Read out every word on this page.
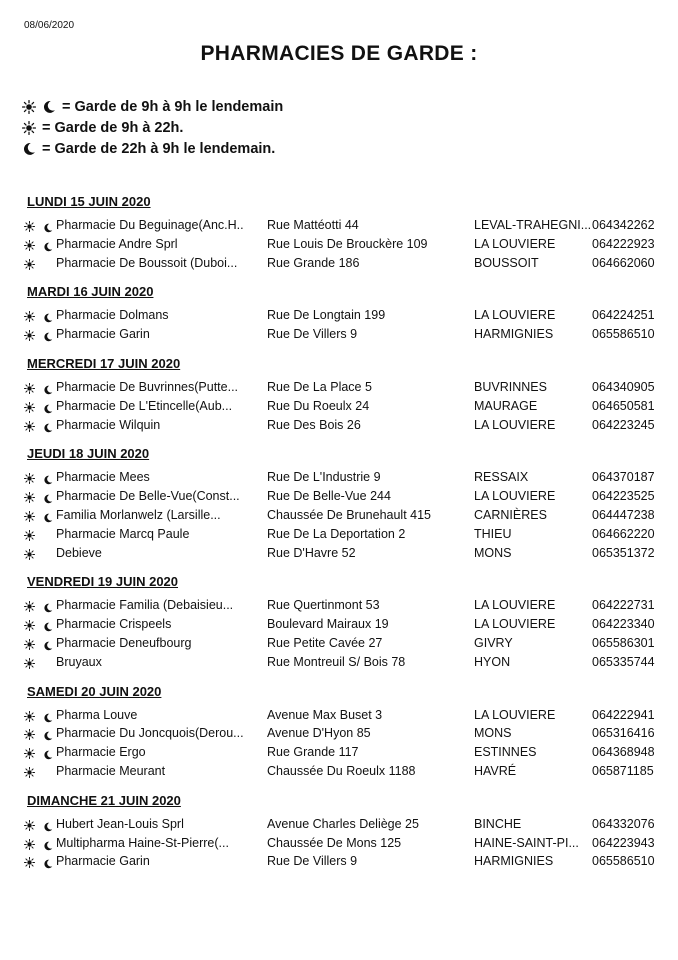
08/06/2020
PHARMACIES DE GARDE :
= Garde de 9h à 9h le lendemain
= Garde de 9h à 22h.
= Garde de 22h à 9h le lendemain.
LUNDI 15 JUIN 2020
Pharmacie Du Beguinage(Anc.H.. Rue Mattéotti 44	LEVAL-TRAHEGNI... 064342262
Pharmacie Andre Sprl	Rue Louis De Brouckère 109	LA LOUVIERE	064222923
Pharmacie De Boussoit (Duboi... Rue Grande 186	BOUSSOIT	064662060
MARDI 16 JUIN 2020
Pharmacie Dolmans	Rue De Longtain 199	LA LOUVIERE	064224251
Pharmacie Garin	Rue De Villers 9	HARMIGNIES	065586510
MERCREDI 17 JUIN 2020
Pharmacie De Buvrinnes(Putte... Rue De La Place 5	BUVRINNES	064340905
Pharmacie De L'Etincelle(Aub...	Rue Du Roeulx 24	MAURAGE	064650581
Pharmacie Wilquin	Rue Des Bois 26	LA LOUVIERE	064223245
JEUDI 18 JUIN 2020
Pharmacie Mees	Rue De L'Industrie 9	RESSAIX	064370187
Pharmacie De Belle-Vue(Const... Rue De Belle-Vue 244	LA LOUVIERE	064223525
Familia Morlanwelz (Larsille...	Chaussée De Brunehault 415	CARNIÈRES	064447238
Pharmacie Marcq Paule	Rue De La Deportation 2	THIEU	064662220
Debieve	Rue D'Havre 52	MONS	065351372
VENDREDI 19 JUIN 2020
Pharmacie Familia (Debaisieu...	Rue Quertinmont 53	LA LOUVIERE	064222731
Pharmacie Crispeels	Boulevard Mairaux 19	LA LOUVIERE	064223340
Pharmacie Deneufbourg	Rue Petite Cavée 27	GIVRY	065586301
Bruyaux	Rue Montreuil S/ Bois 78	HYON	065335744
SAMEDI 20 JUIN 2020
Pharma Louve	Avenue Max Buset 3	LA LOUVIERE	064222941
Pharmacie Du Joncquois(Derou... Avenue D'Hyon 85	MONS	065316416
Pharmacie Ergo	Rue Grande 117	ESTINNES	064368948
Pharmacie Meurant	Chaussée Du Roeulx 1188	HAVRÉ	065871185
DIMANCHE 21 JUIN 2020
Hubert Jean-Louis Sprl	Avenue Charles Deliège 25	BINCHE	064332076
Multipharma Haine-St-Pierre(...	Chaussée De Mons 125	HAINE-SAINT-PI... 064223943
Pharmacie Garin	Rue De Villers 9	HARMIGNIES	065586510
